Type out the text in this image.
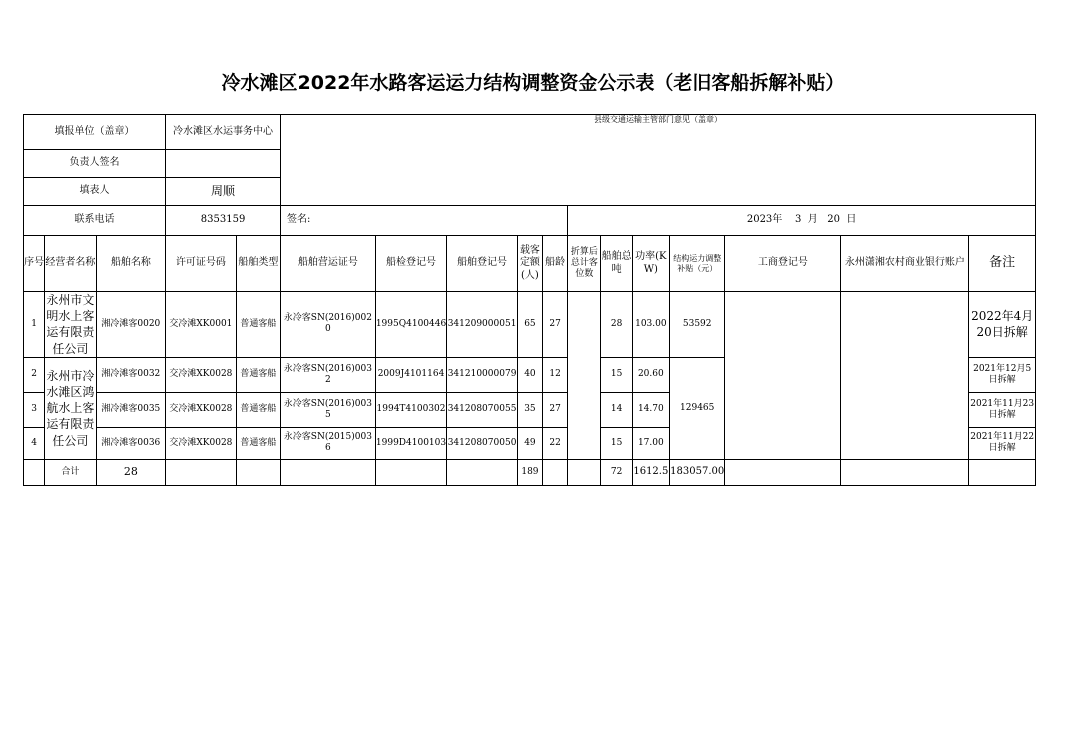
冷水滩区2022年水路客运运力结构调整资金公示表（老旧客船拆解补贴）
填报单位（盖章）			冷水滩区水运事务中心		县级交通运输主管部门意见（盖章）											
负责人签名																
填表人			周顺													
联系电话			8353159		签名:					2023年    3  月   20  日						
序号	经营者名称	船舶名称	许可证号码	船舶类型	船舶营运证号	船检登记号	船舶登记号	载客定额(人)	船龄	折算后总计客位数	船舶总吨	功率(KW)	结构运力调整补贴（元）	工商登记号	永州潇湘农村商业银行账户	备注
1	永州市文明水上客运有限责任公司	湘冷滩客0020	交冷滩XK0001	普通客船	永冷客SN(2016)0020	1995Q4100446	341209000051	65	27		28	103.00	53592			2022年4月20日拆解
2	永州市冷水滩区鸿航水上客运有限责任公司	湘冷滩客0032	交冷滩XK0028	普通客船	永冷客SN(2016)0032	2009J4101164	341210000079	40	12		15	20.60	129465			2021年12月5日拆解
3		湘冷滩客0035	交冷滩XK0028	普通客船	永冷客SN(2016)0035	1994T4100302	341208070055	35	27		14	14.70				2021年11月23日拆解
4		湘冷滩客0036	交冷滩XK0028	普通客船	永冷客SN(2015)0036	1999D4100103	341208070050	49	22		15	17.00				2021年11月22日拆解
	合计	28						189			72	1612.5	183057.00			
